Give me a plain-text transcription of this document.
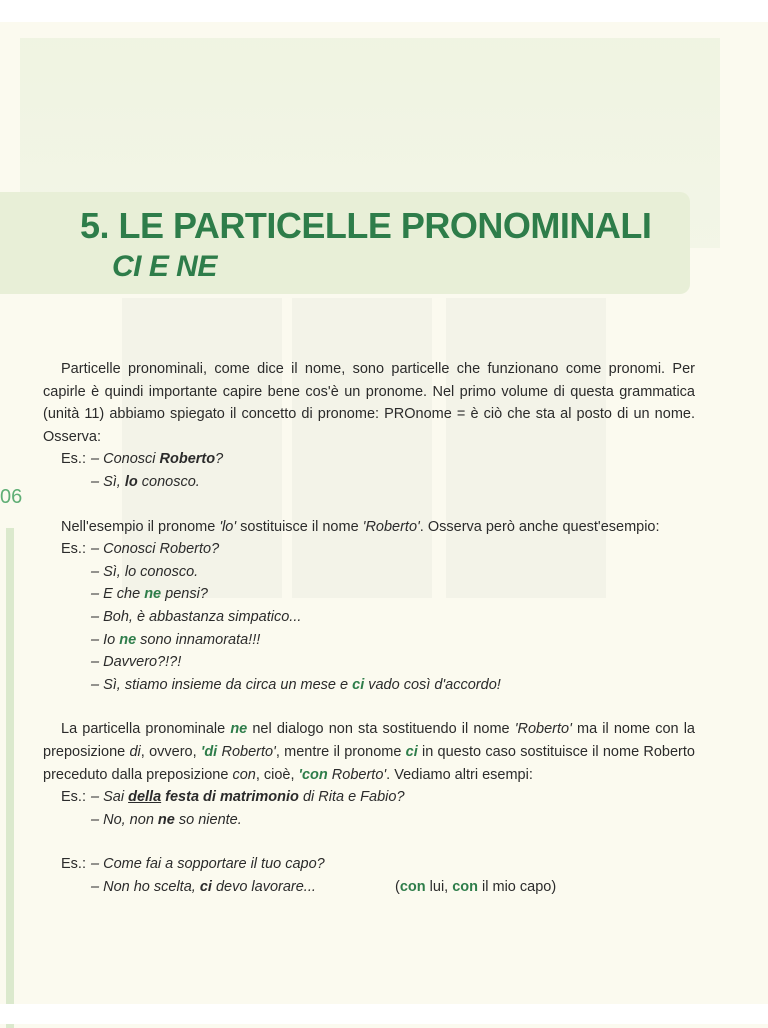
5. LE PARTICELLE PRONOMINALI
CI E NE
06

Particelle pronominali, come dice il nome, sono particelle che funzionano come pronomi. Per capirle è quindi importante capire bene cos'è un pronome. Nel primo volume di questa grammatica (unità 11) abbiamo spiegato il concetto di pronome: PROnome = è ciò che sta al posto di un nome. Osserva:

Es.: – Conosci Roberto?
– Sì, lo conosco.

Nell'esempio il pronome 'lo' sostituisce il nome 'Roberto'. Osserva però anche quest'esempio:

Es.: – Conosci Roberto?
– Sì, lo conosco.
– E che ne pensi?
– Boh, è abbastanza simpatico...
– Io ne sono innamorata!!!
– Davvero?!?!
– Sì, stiamo insieme da circa un mese e ci vado così d'accordo!

La particella pronominale ne nel dialogo non sta sostituendo il nome 'Roberto' ma il nome con la preposizione di, ovvero, 'di Roberto', mentre il pronome ci in questo caso sostituisce il nome Roberto preceduto dalla preposizione con, cioè, 'con Roberto'. Vediamo altri esempi:

Es.: – Sai della festa di matrimonio di Rita e Fabio?
– No, non ne so niente.
Es.: – Come fai a sopportare il tuo capo?
– Non ho scelta, ci devo lavorare...	(con lui, con il mio capo)
